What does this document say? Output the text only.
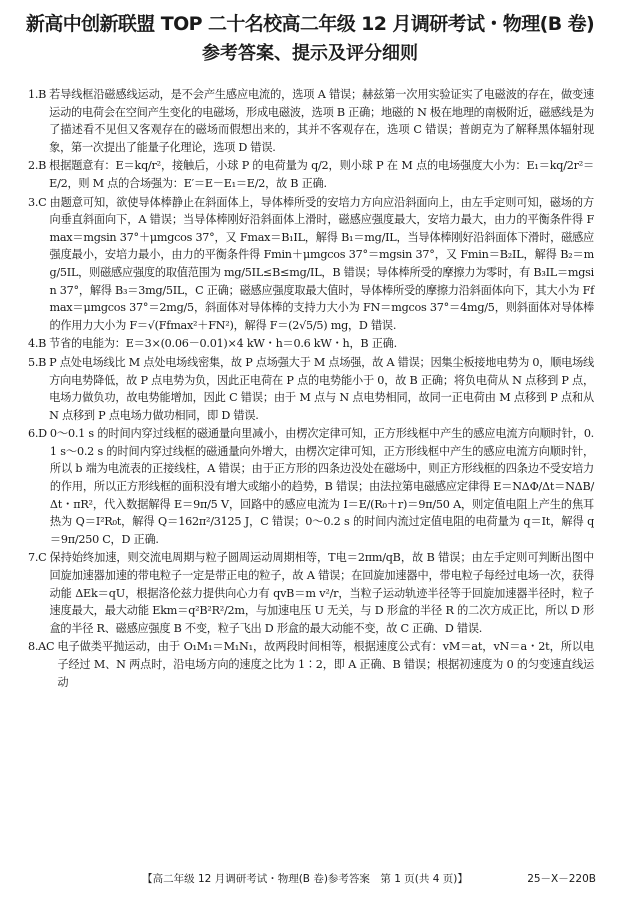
新高中创新联盟 TOP 二十名校高二年级 12 月调研考试・物理(B 卷)
参考答案、提示及评分细则
1.B 若导线框沿磁感线运动，是不会产生感应电流的，选项 A 错误；赫兹第一次用实验证实了电磁波的存在，做变速运动的电荷会在空间产生变化的电磁场，形成电磁波，选项 B 正确；地磁的 N 极在地理的南极附近，磁感线是为了描述看不见但又客观存在的磁场而假想出来的，其并不客观存在，选项 C 错误；普朗克为了解释黑体辐射现象，第一次提出了能量子化理论，选项 D 错误.
2.B 根据题意有：E＝kq/r²，接触后，小球 P 的电荷量为 q/2，则小球 P 在 M 点的电场强度大小为：E₁＝kq/2r²＝E/2，则 M 点的合场强为：E′＝E－E₁＝E/2，故 B 正确.
3.C 由题意可知，欲使导体棒静止在斜面体上，导体棒所受的安培力方向应沿斜面向上，由左手定则可知，磁场的方向垂直斜面向下，A 错误；当导体棒刚好沿斜面体上滑时，磁感应强度最大，安培力最大，由力的平衡条件得 Fmax＝mgsin 37°＋μmgcos 37°，又 Fmax＝B₁IL，解得 B₁＝mg/IL，当导体棒刚好沿斜面体下滑时，磁感应强度最小，安培力最小，由力的平衡条件得 Fmin＋μmgcos 37°＝mgsin 37°，又 Fmin＝B₂IL，解得 B₂＝mg/5IL，则磁感应强度的取值范围为 mg/5IL≤B≤mg/IL，B 错误；导体棒所受的摩擦力为零时，有 B₃IL＝mgsin 37°，解得 B₃＝3mg/5IL，C 正确；磁感应强度取最大值时，导体棒所受的摩擦力沿斜面体向下，其大小为 Ffmax＝μmgcos 37°＝2mg/5，斜面体对导体棒的支持力大小为 FN＝mgcos 37°＝4mg/5，则斜面体对导体棒的作用力大小为 F＝√(Ffmax²＋FN²)，解得 F＝(2√5/5) mg，D 错误.
4.B 节省的电能为：E＝3×(0.06－0.01)×4 kW・h＝0.6 kW・h，B 正确.
5.B P 点处电场线比 M 点处电场线密集，故 P 点场强大于 M 点场强，故 A 错误；因集尘板接地电势为 0，顺电场线方向电势降低，故 P 点电势为负，因此正电荷在 P 点的电势能小于 0，故 B 正确；将负电荷从 N 点移到 P 点，电场力做负功，故电势能增加，因此 C 错误；由于 M 点与 N 点电势相同，故同一正电荷由 M 点移到 P 点和从 N 点移到 P 点电场力做功相同，即 D 错误.
6.D 0～0.1 s 的时间内穿过线框的磁通量向里减小，由楞次定律可知，正方形线框中产生的感应电流方向顺时针，0.1 s～0.2 s 的时间内穿过线框的磁通量向外增大，由楞次定律可知，正方形线框中产生的感应电流方向顺时针，所以 b 端为电流表的正接线柱，A 错误；由于正方形的四条边没处在磁场中，则正方形线框的四条边不受安培力的作用，所以正方形线框的面积没有增大或缩小的趋势，B 错误；由法拉第电磁感应定律得 E＝NΔΦ/Δt＝NΔB/Δt・πR²，代入数据解得 E＝9π/5 V，回路中的感应电流为 I＝E/(R₀＋r)＝9π/50 A，则定值电阻上产生的焦耳热为 Q＝I²R₀t，解得 Q＝162π²/3125 J，C 错误；0～0.2 s 的时间内流过定值电阻的电荷量为 q＝It，解得 q＝9π/250 C，D 正确.
7.C 保持始终加速，则交流电周期与粒子圆周运动周期相等，T电＝2πm/qB，故 B 错误；由左手定则可判断出图中回旋加速器加速的带电粒子一定是带正电的粒子，故 A 错误；在回旋加速器中，带电粒子每经过电场一次，获得动能 ΔEk＝qU，根据洛伦兹力提供向心力有 qvB＝m v²/r，当粒子运动轨迹半径等于回旋加速器半径时，粒子速度最大，最大动能 Ekm＝q²B²R²/2m，与加速电压 U 无关，与 D 形盒的半径 R 的二次方成正比，所以 D 形盒的半径 R、磁感应强度 B 不变，粒子飞出 D 形盒的最大动能不变，故 C 正确、D 错误.
8.AC 电子做类平抛运动，由于 O₁M₁＝M₁N₁，故两段时间相等，根据速度公式有：vM＝at，vN＝a・2t，所以电子经过 M、N 两点时，沿电场方向的速度之比为 1∶2，即 A 正确、B 错误；根据初速度为 0 的匀变速直线运动
【高二年级 12 月调研考试・物理(B 卷)参考答案　第 1 页(共 4 页)】	25－X－220B
